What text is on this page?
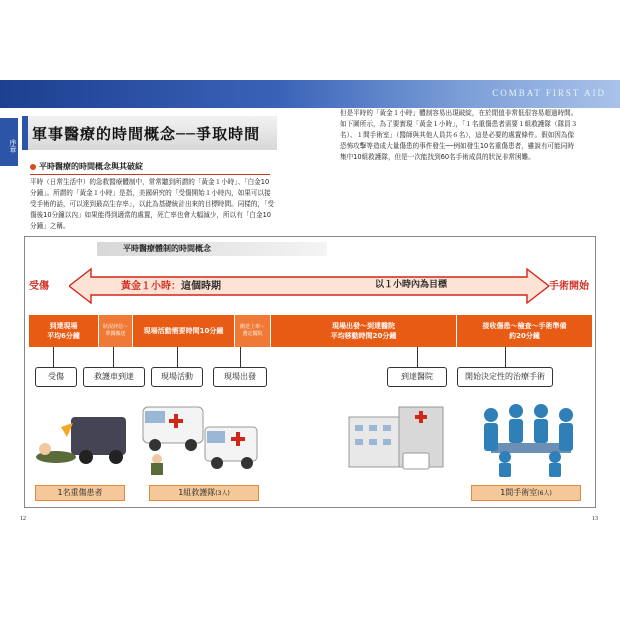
COMBAT FIRST AID
序章
軍事醫療的時間概念──爭取時間
平時醫療的時間概念與其破綻
平時（日常生活中）的急救醫療體制中，常常聽到所謂的「黃金１小時」、「白金10分鐘」。所謂的「黃金１小時」是指，美國研究的「受傷開始１小時內，如果可以接受手術的話，可以達到最高生存率」，以此為基礎統計出來的目標時間。同樣的，「受傷後10分鐘以內」如果能得到適當的處置，死亡率也會大幅減少，所以有「白金10分鐘」之稱。
但是平時的「黃金１小時」體制容易出現破綻，在於閒值非常低很容易超過時間。如下圖所示，為了要實現「黃金１小時」，「１名重傷患者需要１組救護隊（隊員３名）、１間手術室」（醫師與其他人員共６名），這是必要的處置條件。假如因為像恐怖攻擊等造成大量傷患的事件發生──例如發生10名重傷患者，雖說有可能同時集中10組救護隊，但是一次能找到60名手術成員的狀況非常困難。
平時醫療體制的時間概念
受傷	手術開始
黃金１小時：這個時期	以１小時內為目標
到達現場
平均6分鐘
狀況評估～
單獨搬送	現場活動需要時間10分鐘	搬送上車～
選定醫院
現場出發～到達醫院
平均移動時間20分鐘
接收傷患～檢查～手術準備
約20分鐘
受傷	救護車到達	現場活動	現場出發	到達醫院	開始決定性的治療手術
1名重傷患者	1組救護隊(3人)	1間手術室(6人)
12	13
